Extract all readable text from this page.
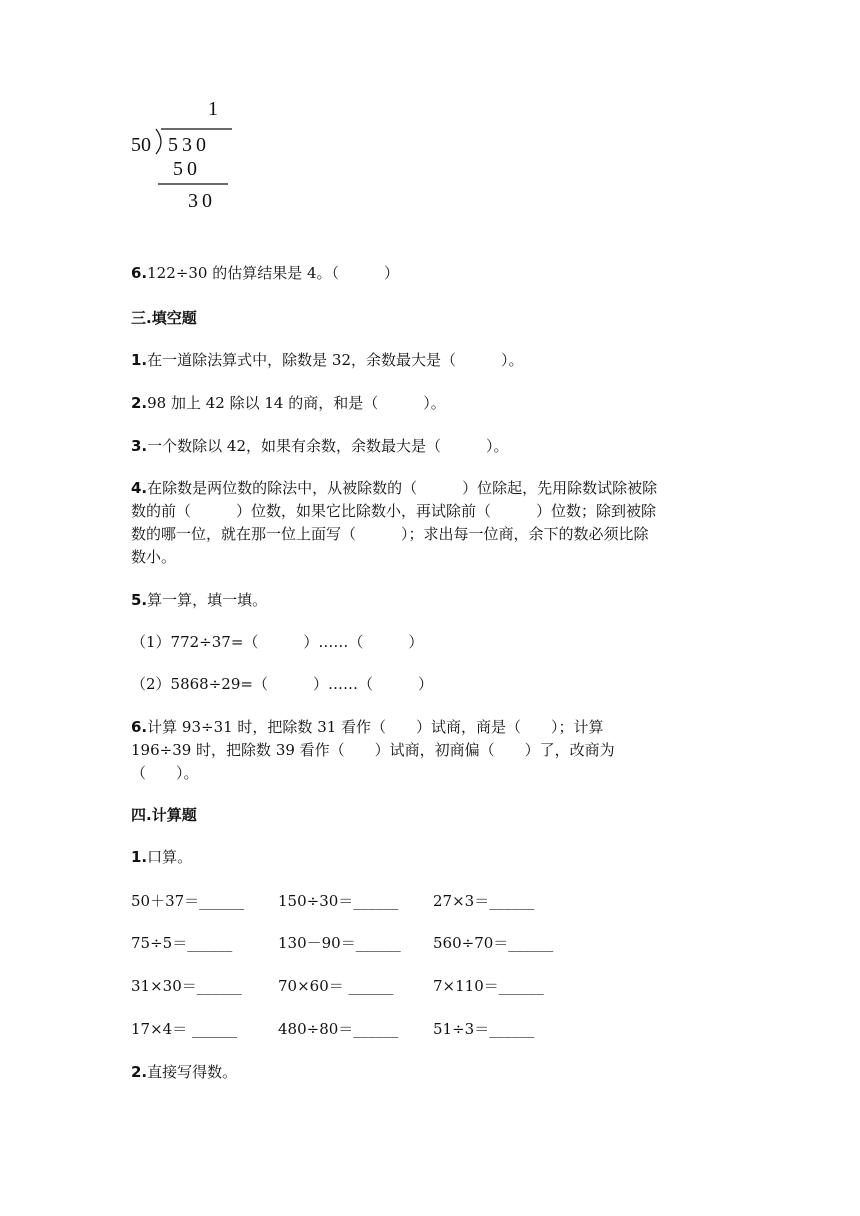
1
50 530
50
30
6.122÷30 的估算结果是 4。（　　　）
三.填空题
1.在一道除法算式中，除数是 32，余数最大是（　　　）。
2.98 加上 42 除以 14 的商，和是（　　　）。
3.一个数除以 42，如果有余数，余数最大是（　　　）。
4.在除数是两位数的除法中，从被除数的（　　　）位除起，先用除数试除被除
数的前（　　　）位数，如果它比除数小，再试除前（　　　）位数；除到被除
数的哪一位，就在那一位上面写（　　　）；求出每一位商，余下的数必须比除
数小。
5.算一算，填一填。
（1）772÷37=（　　　）……（　　　）
（2）5868÷29=（　　　）……（　　　）
6.计算 93÷31 时，把除数 31 看作（　　）试商，商是（　　）；计算
196÷39 时，把除数 39 看作（　　）试商，初商偏（　　）了，改商为
（　　）。
四.计算题
1.口算。
50＋37＝______ 150÷30＝______ 27×3＝______
75÷5＝______	130－90＝______ 560÷70＝______
31×30＝______ 70×60＝ ______	7×110＝______
17×4＝ ______	480÷80＝______ 51÷3＝______
2.直接写得数。
